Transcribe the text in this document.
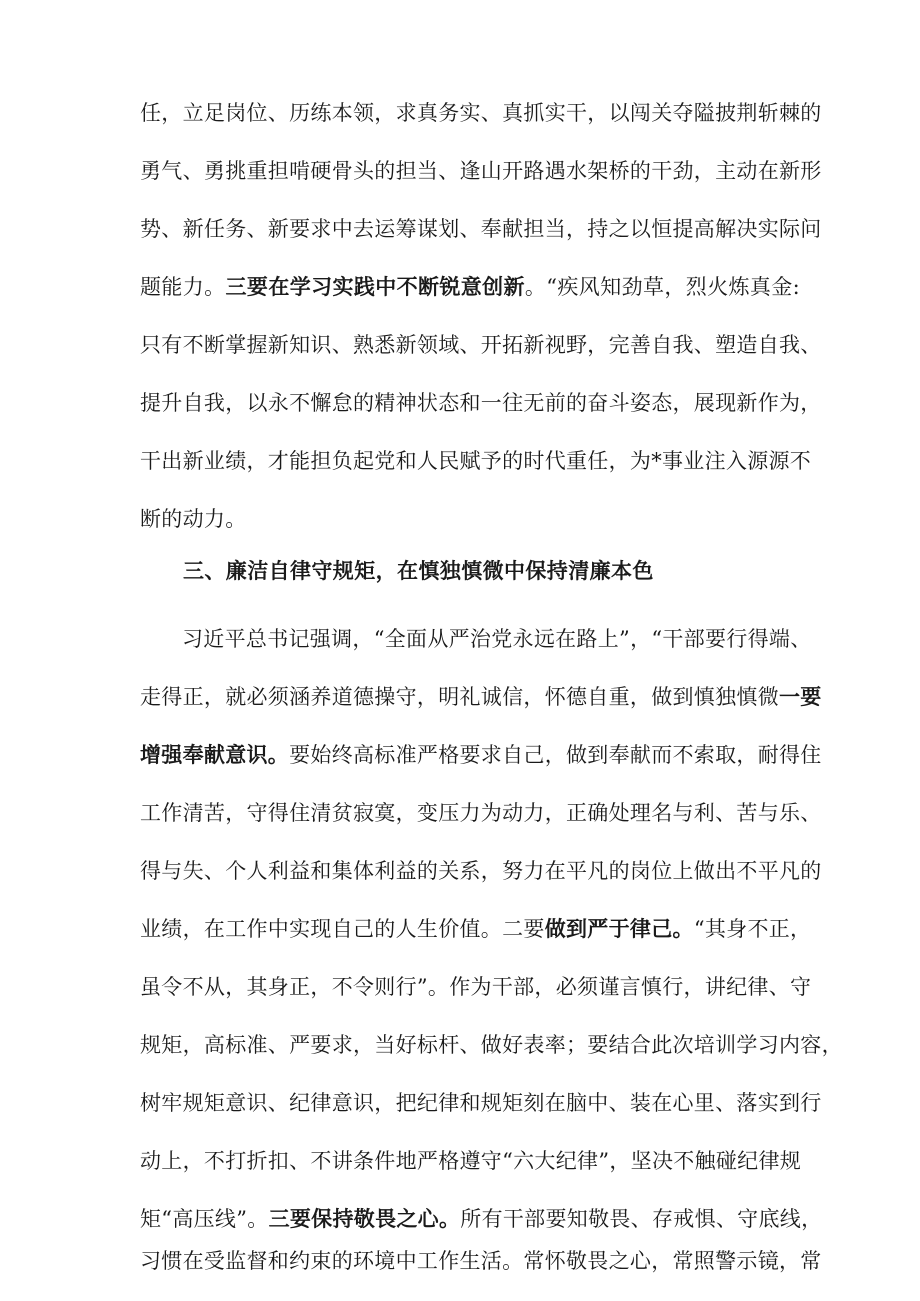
任，立足岗位、历练本领，求真务实、真抓实干，以闯关夺隘披荆斩棘的
勇气、勇挑重担啃硬骨头的担当、逢山开路遇水架桥的干劲，主动在新形
势、新任务、新要求中去运筹谋划、奉献担当，持之以恒提高解决实际问
题能力。三要在学习实践中不断锐意创新。“疾风知劲草，烈火炼真金:
只有不断掌握新知识、熟悉新领域、开拓新视野，完善自我、塑造自我、
提升自我，以永不懈怠的精神状态和一往无前的奋斗姿态，展现新作为，
干出新业绩，才能担负起党和人民赋予的时代重任，为*事业注入源源不
断的动力。
三、廉洁自律守规矩，在慎独慎微中保持清廉本色
习近平总书记强调，“全面从严治党永远在路上”，“干部要行得端、
走得正，就必须涵养道德操守，明礼诚信，怀德自重，做到慎独慎微一要
增强奉献意识。要始终高标准严格要求自己，做到奉献而不索取，耐得住
工作清苦，守得住清贫寂寞，变压力为动力，正确处理名与利、苦与乐、
得与失、个人利益和集体利益的关系，努力在平凡的岗位上做出不平凡的
业绩，在工作中实现自己的人生价值。二要做到严于律己。“其身不正，
虽令不从，其身正，不令则行”。作为干部，必须谨言慎行，讲纪律、守
规矩，高标准、严要求，当好标杆、做好表率；要结合此次培训学习内容，
树牢规矩意识、纪律意识，把纪律和规矩刻在脑中、装在心里、落实到行
动上，不打折扣、不讲条件地严格遵守“六大纪律”，坚决不触碰纪律规
矩“高压线”。三要保持敬畏之心。所有干部要知敬畏、存戒惧、守底线，
习惯在受监督和约束的环境中工作生活。常怀敬畏之心，常照警示镜，常
